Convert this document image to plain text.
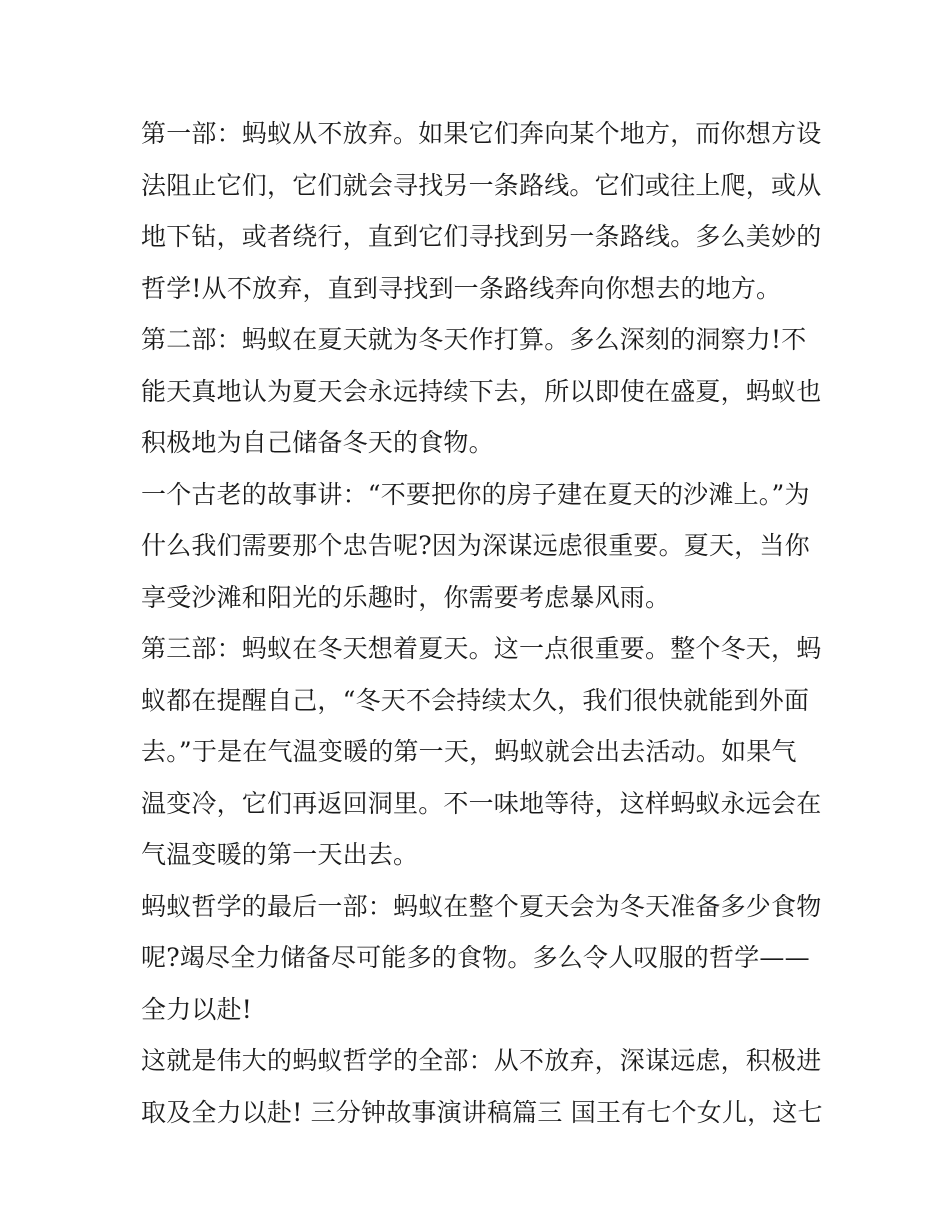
第一部：蚂蚁从不放弃。如果它们奔向某个地方，而你想方设
法阻止它们，它们就会寻找另一条路线。它们或往上爬，或从
地下钻，或者绕行，直到它们寻找到另一条路线。多么美妙的
哲学!从不放弃，直到寻找到一条路线奔向你想去的地方。
第二部：蚂蚁在夏天就为冬天作打算。多么深刻的洞察力!不
能天真地认为夏天会永远持续下去，所以即使在盛夏，蚂蚁也
积极地为自己储备冬天的食物。
一个古老的故事讲：“不要把你的房子建在夏天的沙滩上。”为
什么我们需要那个忠告呢?因为深谋远虑很重要。夏天，当你
享受沙滩和阳光的乐趣时，你需要考虑暴风雨。
第三部：蚂蚁在冬天想着夏天。这一点很重要。整个冬天，蚂
蚁都在提醒自己，“冬天不会持续太久，我们很快就能到外面
去。”于是在气温变暖的第一天，蚂蚁就会出去活动。如果气
温变冷，它们再返回洞里。不一味地等待，这样蚂蚁永远会在
气温变暖的第一天出去。
蚂蚁哲学的最后一部：蚂蚁在整个夏天会为冬天准备多少食物
呢?竭尽全力储备尽可能多的食物。多么令人叹服的哲学——
全力以赴!
这就是伟大的蚂蚁哲学的全部：从不放弃，深谋远虑，积极进
取及全力以赴! 三分钟故事演讲稿篇三 国王有七个女儿，这七
